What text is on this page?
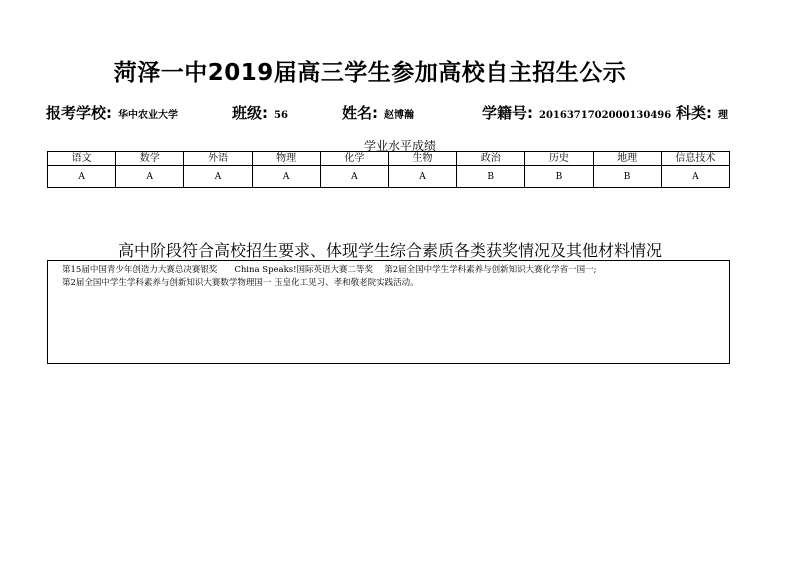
菏泽一中2019届高三学生参加高校自主招生公示
报考学校: 华中农业大学	班级: 56	姓名: 赵博瀚	学籍号: 2016371702000130496 科类: 理
学业水平成绩
语文	数学	外语	物理	化学	生物	政治	历史	地理	信息技术
A	A	A	A	A	A	B	B	B	A
高中阶段符合高校招生要求、体现学生综合素质各类获奖情况及其他材料情况
第15届中国青少年创造力大赛总决赛银奖　　China Speaks!国际英语大赛二等奖　 第2届全国中学生学科素养与创新知识大赛化学省一国一;
第2届全国中学生学科素养与创新知识大赛数学物理国一 玉皇化工见习、孝和敬老院实践活动。
